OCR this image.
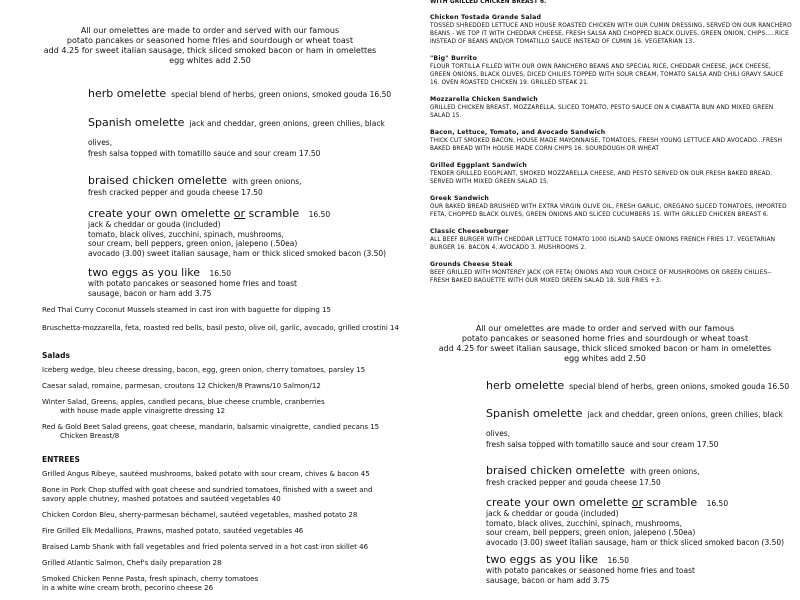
All our omelettes are made to order and served with our famous
potato pancakes or seasoned home fries and sourdough or wheat toast
add 4.25 for sweet italian sausage, thick sliced smoked bacon or ham in omelettes
egg whites add 2.50
herb omelette special blend of herbs, green onions, smoked gouda 16.50
Spanish omelette jack and cheddar, green onions, green chilies, black olives,
fresh salsa topped with tomatillo sauce and sour cream 17.50
braised chicken omelette with green onions,
fresh cracked pepper and gouda cheese 17.50
create your own omelette or scramble 16.50
jack & cheddar or gouda (included)
tomato, black olives, zucchini, spinach, mushrooms,
sour cream, bell peppers, green onion, jalepeno (.50ea)
avocado (3.00) sweet italian sausage, ham or thick sliced smoked bacon (3.50)
two eggs as you like 16.50
with potato pancakes or seasoned home fries and toast
sausage, bacon or ham add 3.75
WITH GRILLED CHICKEN BREAST 6.
Chicken Tostada Grande Salad
TOSSED SHREDDED LETTUCE AND HOUSE ROASTED CHICKEN WITH OUR CUMIN DRESSING, SERVED ON OUR RANCHERO BEANS - WE TOP IT WITH CHEDDAR CHEESE, FRESH SALSA AND CHOPPED BLACK OLIVES, GREEN ONION, CHIPS.....RICE INSTEAD OF BEANS AND/OR TOMATILLO SAUCE INSTEAD OF CUMIN 16. VEGETARIAN 13.
"Big" Burrito
FLOUR TORTILLA FILLED WITH OUR OWN RANCHERO BEANS AND SPECIAL RICE, CHEDDAR CHEESE, JACK CHEESE, GREEN ONIONS, BLACK OLIVES, DICED CHILIES TOPPED WITH SOUR CREAM, TOMATO SALSA AND CHILI GRAVY SAUCE 16. OVEN ROASTED CHICKEN 19. GRILLED STEAK 21.
Mozzarella Chicken Sandwich
GRILLED CHICKEN BREAST, MOZZARELLA, SLICED TOMATO, PESTO SAUCE ON A CIABATTA BUN AND MIXED GREEN SALAD 15.
Bacon, Lettuce, Tomato, and Avocado Sandwich
THICK CUT SMOKED BACON, HOUSE MADE MAYONNAISE, TOMATOES, FRESH YOUNG LETTUCE AND AVOCADO...FRESH BAKED BREAD WITH HOUSE MADE CORN CHIPS 16. SOURDOUGH OR WHEAT
Grilled Eggplant Sandwich
TENDER GRILLED EGGPLANT, SMOKED MOZZARELLA CHEESE, AND PESTO SERVED ON OUR FRESH BAKED BREAD. SERVED WITH MIXED GREEN SALAD 15.
Greek Sandwich
OUR BAKED BREAD BRUSHED WITH EXTRA VIRGIN OLIVE OIL, FRESH GARLIC, OREGANO SLICED TOMATOES, IMPORTED FETA, CHOPPED BLACK OLIVES, GREEN ONIONS AND SLICED CUCUMBERS 15. WITH GRILLED CHICKEN BREAST 6.
Classic Cheeseburger
ALL BEEF BURGER WITH CHEDDAR LETTUCE TOMATO 1000 ISLAND SAUCE ONIONS FRENCH FRIES 17. VEGETARIAN BURGER 16. BACON 4. AVOCADO 3. MUSHROOMS 2.
Grounds Cheese Steak
BEEF GRILLED WITH MONTEREY JACK (OR FETA) ONIONS AND YOUR CHOICE OF MUSHROOMS OR GREEN CHILIES-- FRESH BAKED BAGUETTE WITH OUR MIXED GREEN SALAD 18. SUB FRIES +3.
Red Thai Curry Coconut Mussels steamed in cast iron with baguette for dipping 15
Bruschetta-mozzarella, feta, roasted red bells, basil pesto, olive oil, garlic, avocado, grilled crostini 14
Salads
Iceberg wedge, bleu cheese dressing, bacon, egg, green onion, cherry tomatoes, parsley 15
Caesar salad, romaine, parmesan, croutons 12 Chicken/8 Prawns/10 Salmon/12
Winter Salad, Greens, apples, candied pecans, blue cheese crumble, cranberries
with house made apple vinaigrette dressing 12
Red & Gold Beet Salad greens, goat cheese, mandarin, balsamic vinaigrette, candied pecans 15
Chicken Breast/8
ENTREES
Grilled Angus Ribeye, sautéed mushrooms, baked potato with sour cream, chives & bacon 45
Bone in Pork Chop stuffed with goat cheese and sundried tomatoes, finished with a sweet and
savory apple chutney, mashed potatoes and sautéed vegetables 40
Chicken Cordon Bleu, sherry-parmesan béchamel, sautéed vegetables, mashed potato 28
Fire Grilled Elk Medallions, Prawns, mashed potato, sautéed vegetables 46
Braised Lamb Shank with fall vegetables and fried polenta served in a hot cast iron skillet 46
Grilled Atlantic Salmon, Chef's daily preparation 28
Smoked Chicken Penne Pasta, fresh spinach, cherry tomatoes
in a white wine cream broth, pecorino cheese 26
All our omelettes are made to order and served with our famous
potato pancakes or seasoned home fries and sourdough or wheat toast
add 4.25 for sweet italian sausage, thick sliced smoked bacon or ham in omelettes
egg whites add 2.50
herb omelette special blend of herbs, green onions, smoked gouda 16.50
Spanish omelette jack and cheddar, green onions, green chilies, black olives,
fresh salsa topped with tomatillo sauce and sour cream 17.50
braised chicken omelette with green onions,
fresh cracked pepper and gouda cheese 17.50
create your own omelette or scramble 16.50
jack & cheddar or gouda (included)
tomato, black olives, zucchini, spinach, mushrooms,
sour cream, bell peppers, green onion, jalepeno (.50ea)
avocado (3.00) sweet italian sausage, ham or thick sliced smoked bacon (3.50)
two eggs as you like 16.50
with potato pancakes or seasoned home fries and toast
sausage, bacon or ham add 3.75
